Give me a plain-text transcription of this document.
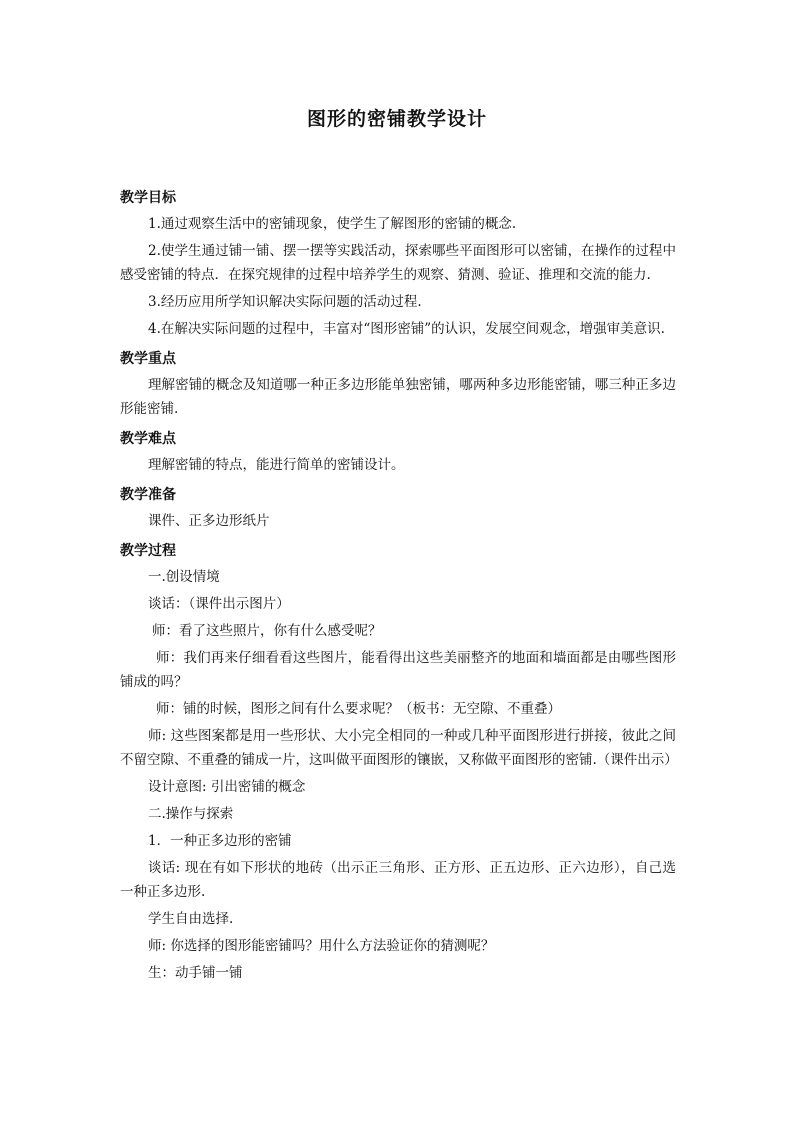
图形的密铺教学设计
教学目标

1.通过观察生活中的密铺现象，使学生了解图形的密铺的概念.

2.使学生通过铺一铺、摆一摆等实践活动，探索哪些平面图形可以密铺，在操作的过程中感受密铺的特点．在探究规律的过程中培养学生的观察、猜测、验证、推理和交流的能力.

3.经历应用所学知识解决实际问题的活动过程.

4.在解决实际问题的过程中，丰富对“图形密铺”的认识，发展空间观念，增强审美意识.

教学重点

理解密铺的概念及知道哪一种正多边形能单独密铺，哪两种多边形能密铺，哪三种正多边形能密铺.

教学难点

理解密铺的特点，能进行简单的密铺设计。

教学准备

课件、正多边形纸片

教学过程

一.创设情境

谈话：（课件出示图片）

师：看了这些照片，你有什么感受呢？

师：我们再来仔细看看这些图片，能看得出这些美丽整齐的地面和墙面都是由哪些图形铺成的吗？

师：铺的时候，图形之间有什么要求呢？（板书：无空隙、不重叠）

师: 这些图案都是用一些形状、大小完全相同的一种或几种平面图形进行拼接，彼此之间不留空隙、不重叠的铺成一片，这叫做平面图形的镶嵌，又称做平面图形的密铺.（课件出示）

设计意图: 引出密铺的概念

二.操作与探索

1．一种正多边形的密铺

谈话: 现在有如下形状的地砖（出示正三角形、正方形、正五边形、正六边形），自己选一种正多边形.

学生自由选择.

师: 你选择的图形能密铺吗？用什么方法验证你的猜测呢？

生：动手铺一铺
